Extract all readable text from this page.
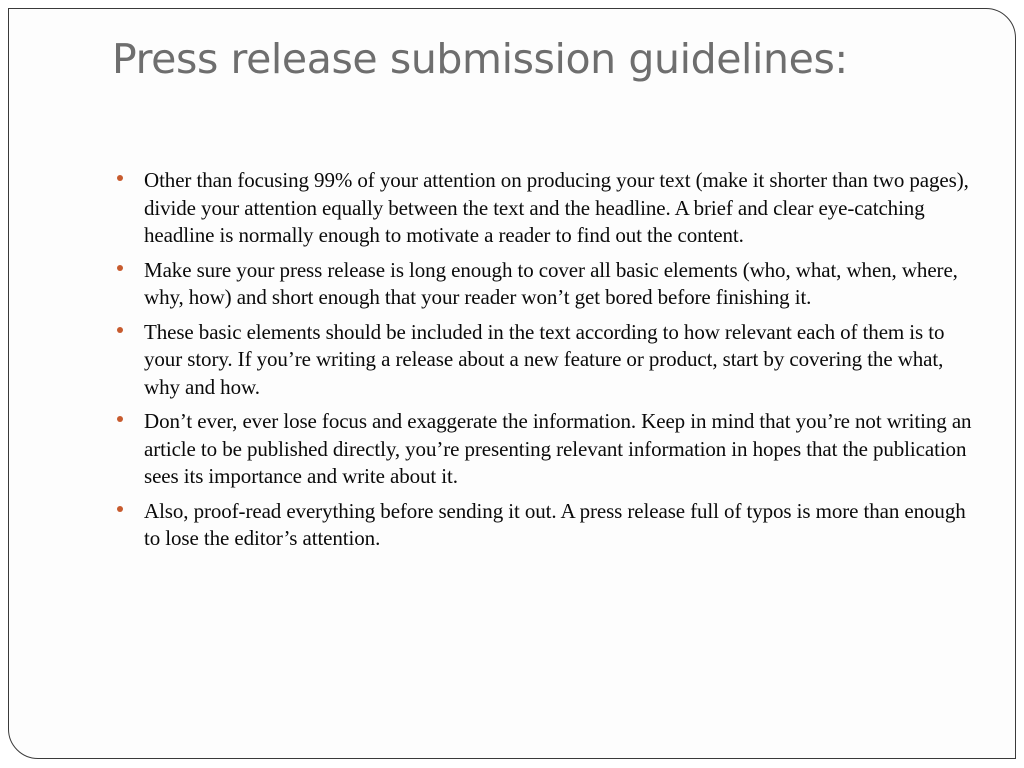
Press release submission guidelines:
Other than focusing 99% of your attention on producing your text (make it shorter than two pages), divide your attention equally between the text and the headline. A brief and clear eye-catching headline is normally enough to motivate a reader to find out the content.
Make sure your press release is long enough to cover all basic elements (who, what, when, where, why, how) and short enough that your reader won’t get bored before finishing it.
These basic elements should be included in the text according to how relevant each of them is to your story. If you’re writing a release about a new feature or product, start by covering the what, why and how.
Don’t ever, ever lose focus and exaggerate the information. Keep in mind that you’re not writing an article to be published directly, you’re presenting relevant information in hopes that the publication sees its importance and write about it.
Also, proof-read everything before sending it out. A press release full of typos is more than enough to lose the editor’s attention.
